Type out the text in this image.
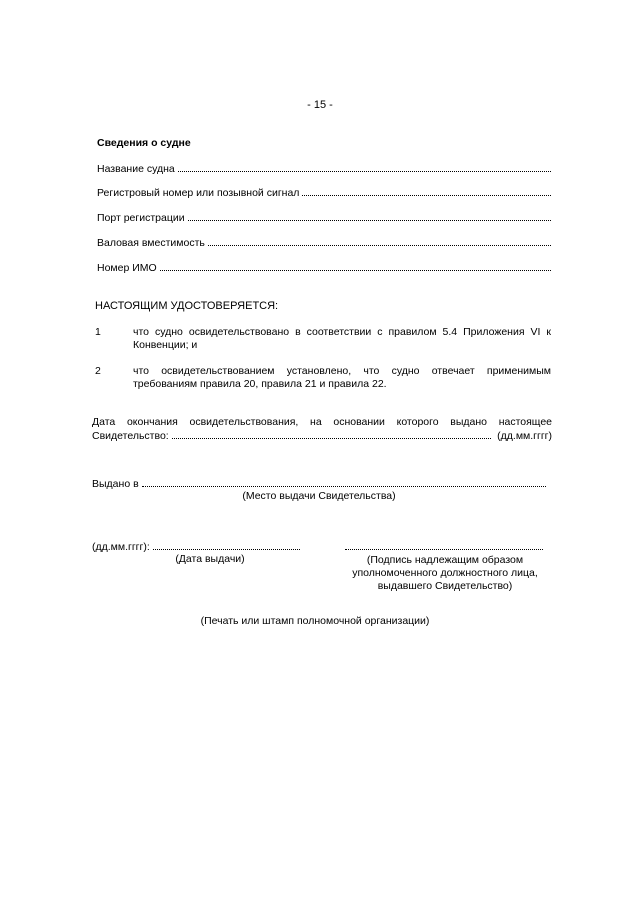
- 15 -
Сведения о судне
Название судна
Регистровый номер или позывной сигнал
Порт регистрации
Валовая вместимость
Номер ИМО
НАСТОЯЩИМ УДОСТОВЕРЯЕТСЯ:
1	что судно освидетельствовано в соответствии с правилом 5.4 Приложения VI к Конвенции; и
2	что освидетельствованием установлено, что судно отвечает применимым требованиям правила 20, правила 21 и правила 22.
Дата окончания освидетельствования, на основании которого выдано настоящее
Свидетельство:	(дд.мм.гггг)
Выдано в
(Место выдачи Свидетельства)
(дд.мм.гггг):
(Дата выдачи)	(Подпись надлежащим образом
уполномоченного должностного лица,
выдавшего Свидетельство)
(Печать или штамп полномочной организации)
